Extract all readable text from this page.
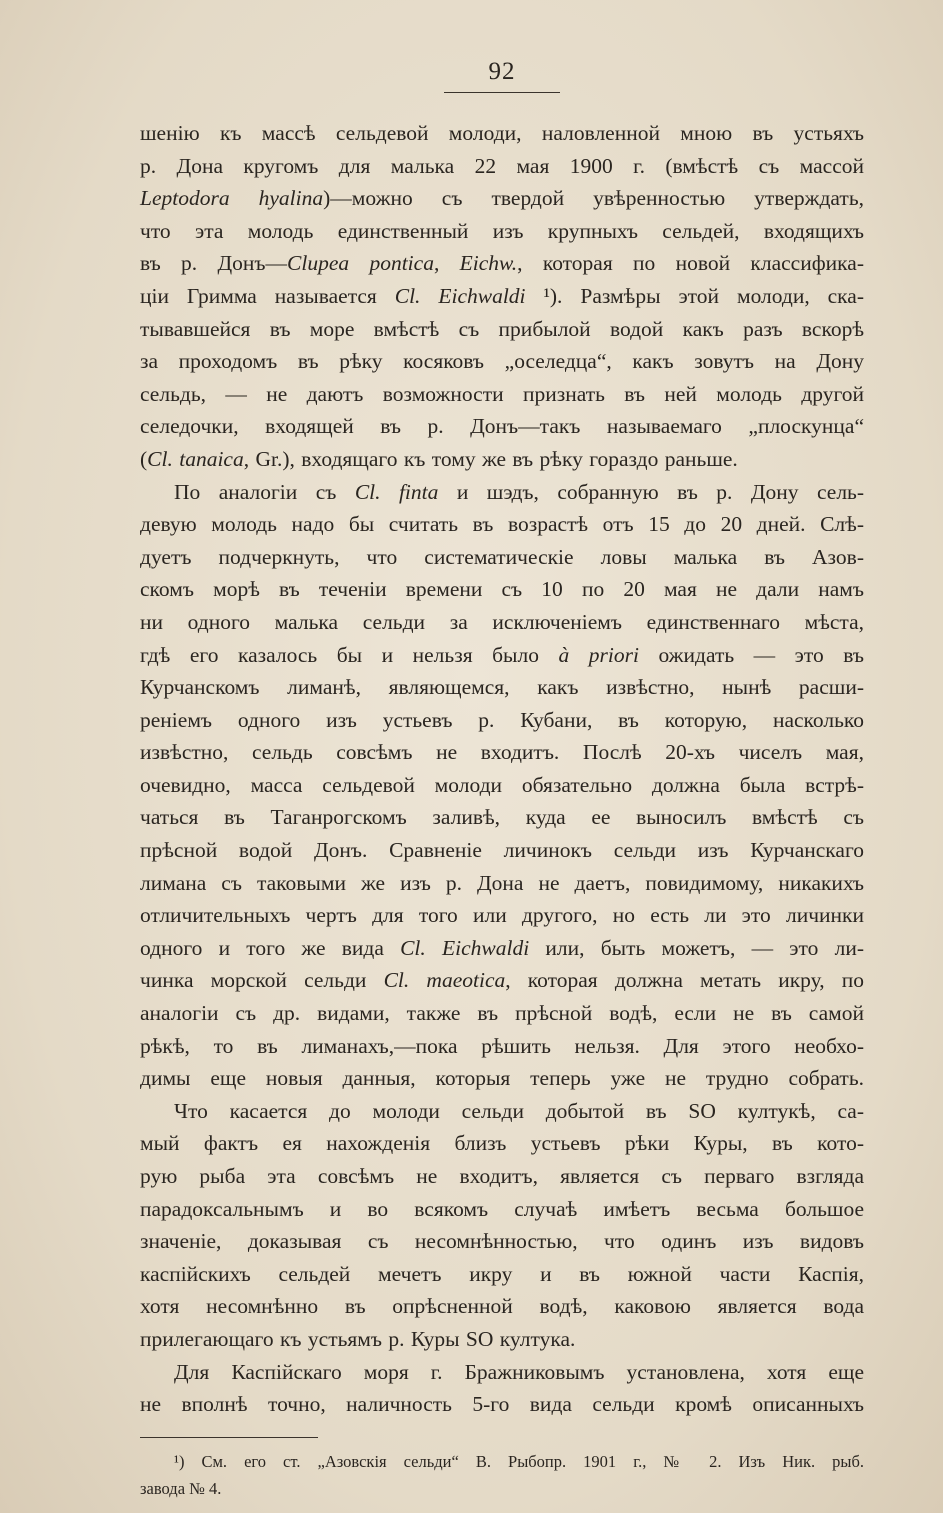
92
шенію къ массѣ сельдевой молоди, наловленной мною въ устьяхъ
р. Дона кругомъ для малька 22 мая 1900 г. (вмѣстѣ съ массой
Leptodora hyalina)—можно съ твердой увѣренностью утверждать,
что эта молодь единственный изъ крупныхъ сельдей, входящихъ
въ р. Донъ—Clupea pontica, Eichw., которая по новой классифика-
ціи Гримма называется Cl. Eichwaldi ¹). Размѣры этой молоди, ска-
тывавшейся въ море вмѣстѣ съ прибылой водой какъ разъ вскорѣ
за проходомъ въ рѣку косяковъ „оселедца“, какъ зовутъ на Дону
сельдь, — не даютъ возможности признать въ ней молодь другой
селедочки, входящей въ р. Донъ—такъ называемаго „плоскунца“
(Cl. tanaica, Gr.), входящаго къ тому же въ рѣку гораздо раньше.
По аналогіи съ Cl. finta и шэдъ, собранную въ р. Дону сель-
девую молодь надо бы считать въ возрастѣ отъ 15 до 20 дней. Слѣ-
дуетъ подчеркнуть, что систематическіе ловы малька въ Азов-
скомъ морѣ въ теченіи времени съ 10 по 20 мая не дали намъ
ни одного малька сельди за исключеніемъ единственнаго мѣста,
гдѣ его казалось бы и нельзя было à priori ожидать — это въ
Курчанскомъ лиманѣ, являющемся, какъ извѣстно, нынѣ расши-
реніемъ одного изъ устьевъ р. Кубани, въ которую, насколько
извѣстно, сельдь совсѣмъ не входитъ. Послѣ 20-хъ чиселъ мая,
очевидно, масса сельдевой молоди обязательно должна была встрѣ-
чаться въ Таганрогскомъ заливѣ, куда ее выносилъ вмѣстѣ съ
прѣсной водой Донъ. Сравненіе личинокъ сельди изъ Курчанскаго
лимана съ таковыми же изъ р. Дона не даетъ, повидимому, никакихъ
отличительныхъ чертъ для того или другого, но есть ли это личинки
одного и того же вида Cl. Eichwaldi или, быть можетъ, — это ли-
чинка морской сельди Cl. maeotica, которая должна метать икру, по
аналогіи съ др. видами, также въ прѣсной водѣ, если не въ самой
рѣкѣ, то въ лиманахъ,—пока рѣшить нельзя. Для этого необхо-
димы еще новыя данныя, которыя теперь уже не трудно собрать.
Что касается до молоди сельди добытой въ SO култукѣ, са-
мый фактъ ея нахожденія близъ устьевъ рѣки Куры, въ кото-
рую рыба эта совсѣмъ не входитъ, является съ перваго взгляда
парадоксальнымъ и во всякомъ случаѣ имѣетъ весьма большое
значеніе, доказывая съ несомнѣнностью, что одинъ изъ видовъ
каспійскихъ сельдей мечетъ икру и въ южной части Каспія,
хотя несомнѣнно въ опрѣсненной водѣ, каковою является вода
прилегающаго къ устьямъ р. Куры SO култука.
Для Каспійскаго моря г. Бражниковымъ установлена, хотя еще
не вполнѣ точно, наличность 5-го вида сельди кромѣ описанныхъ
¹) См. его ст. „Азовскія сельди“ В. Рыбопр. 1901 г., № 2. Изъ Ник. рыб.
завода № 4.
